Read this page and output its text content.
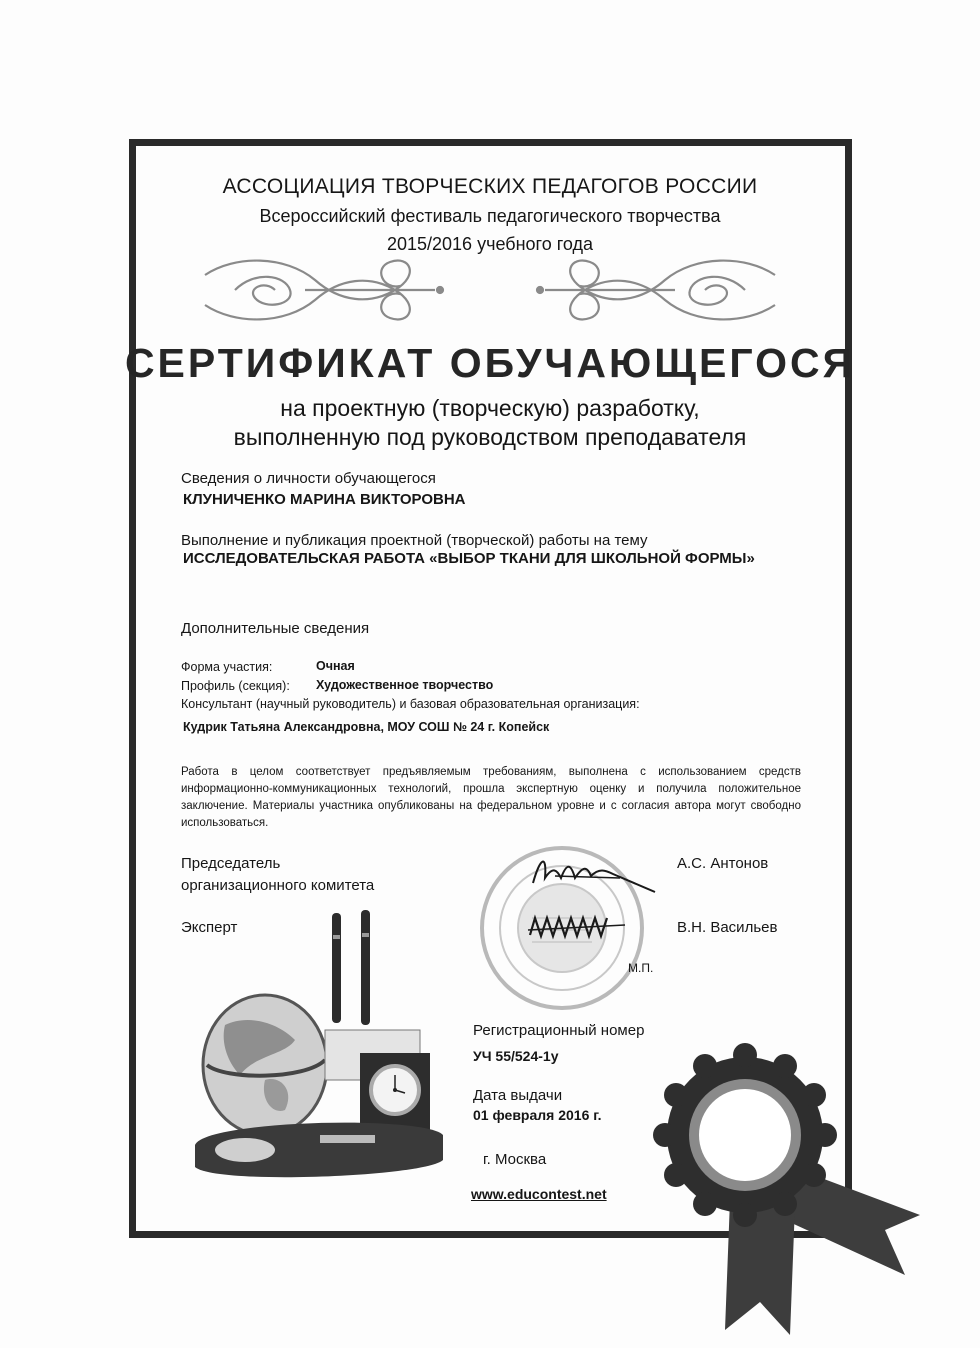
АССОЦИАЦИЯ ТВОРЧЕСКИХ ПЕДАГОГОВ РОССИИ
Всероссийский фестиваль педагогического творчества
2015/2016 учебного года
СЕРТИФИКАТ ОБУЧАЮЩЕГОСЯ
на проектную (творческую) разработку,
выполненную под руководством преподавателя
Сведения о личности обучающегося
КЛУНИЧЕНКО МАРИНА ВИКТОРОВНА
Выполнение и публикация проектной (творческой) работы на тему
ИССЛЕДОВАТЕЛЬСКАЯ РАБОТА «ВЫБОР ТКАНИ ДЛЯ ШКОЛЬНОЙ ФОРМЫ»
Дополнительные сведения
Форма участия:	Очная
Профиль (секция): Художественное творчество
Консультант (научный руководитель) и базовая образовательная организация:
Кудрик Татьяна Александровна, МОУ СОШ № 24 г. Копейск
Работа в целом соответствует предъявляемым требованиям, выполнена с использованием средств информационно-коммуникационных технологий, прошла экспертную оценку и получила положительное заключение. Материалы участника опубликованы на федеральном уровне и с согласия автора могут свободно использоваться.
Председатель
организационного комитета
А.С. Антонов
Эксперт	В.Н. Васильев
М.П.
Регистрационный номер
УЧ 55/524-1у
Дата выдачи
01 февраля 2016 г.
г. Москва
www.educontest.net
